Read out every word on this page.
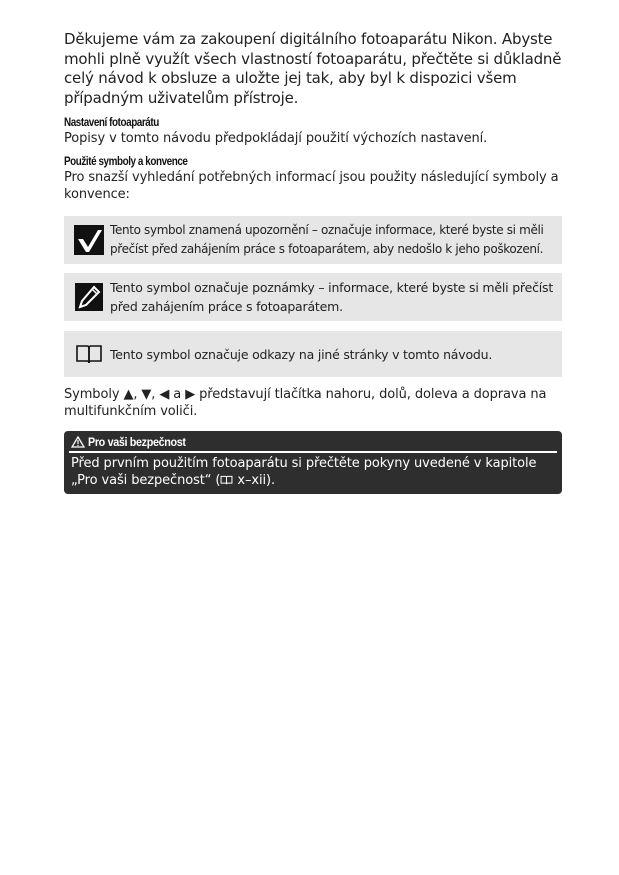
Děkujeme vám za zakoupení digitálního fotoaparátu Nikon. Abyste mohli plně využít všech vlastností fotoaparátu, přečtěte si důkladně celý návod k obsluze a uložte jej tak, aby byl k dispozici všem případným uživatelům přístroje.

Nastavení fotoaparátu

Popisy v tomto návodu předpokládají použití výchozích nastavení.

Použité symboly a konvence

Pro snazší vyhledání potřebných informací jsou použity následující symboly a konvence:

Tento symbol znamená upozornění – označuje informace, které byste si měli přečíst před zahájením práce s fotoaparátem, aby nedošlo k jeho poškození.
Tento symbol označuje poznámky – informace, které byste si měli přečíst před zahájením práce s fotoaparátem.
Tento symbol označuje odkazy na jiné stránky v tomto návodu.

Symboly ▲, ▼, ◀ a ▶ představují tlačítka nahoru, dolů, doleva a doprava na multifunkčním voliči.

Pro vaši bezpečnost
Před prvním použitím fotoaparátu si přečtěte pokyny uvedené v kapitole „Pro vaši bezpečnost“ ( x–xii).
